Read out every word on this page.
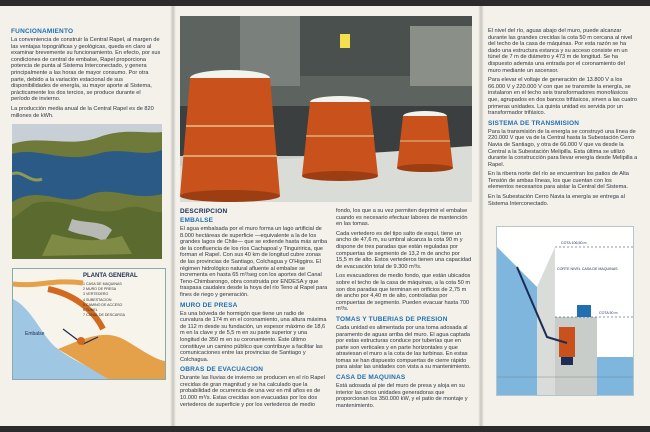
FUNCIONAMIENTO
La conveniencia de construir la Central Rapel, al margen de las ventajas topográficas y geológicas, queda en claro al examinar brevemente su funcionamiento. En efecto, por sus condiciones de central de embalse, Rapel proporciona potencia de punta al Sistema Interconectado, y genera principalmente a las horas de mayor consumo. Por otra parte, debido a la variación estacional de sus disponibilidades de energía, su mayor aporte al Sistema, prácticamente los dos tercios, se produce durante el período de invierno.
La producción media anual de la Central Rapel es de 820 millones de kWh.
PLANTA GENERAL
1 CASA DE MAQUINAS
2 MURO DE PRESA
3 VERTEDERO
4 SUBESTACION
5 CAMINO DE ACCESO
6 TUNEL
7 CANAL DE DESCARGA
Embalse
DESCRIPCION
EMBALSE
El agua embalsada por el muro forma un lago artificial de 8.000 hectáreas de superficie —equivalente a la de los grandes lagos de Chile— que se extiende hasta más arriba de la confluencia de los ríos Cachapoal y Tinguiririca, que forman el Rapel. Con sus 40 km de longitud cubre zonas de las provincias de Santiago, Colchagua y O'Higgins. El régimen hidrológico natural afluente al embalse se incrementa en hasta 65 m³/seg con los aportes del Canal Teno-Chimbarongo, obra construida por ENDESA y que traspasa caudales desde la hoya del río Teno al Rapel para fines de riego y generación.
MURO DE PRESA
Es una bóveda de hormigón que tiene un radio de curvatura de 174 m en el coronamiento, una altura máxima de 112 m desde su fundación, un espesor máximo de 18,6 m en la clave y de 5,5 m en su parte superior y una longitud de 350 m en su coronamiento. Éste último constituye un camino público que contribuye a facilitar las comunicaciones entre las provincias de Santiago y Colchagua.
OBRAS DE EVACUACION
Durante las lluvias de invierno se producen en el río Rapel crecidas de gran magnitud y se ha calculado que la probabilidad de ocurrencia de una vez en mil años es de 10.000 m³/s. Estas crecidas son evacuadas por los dos vertederos de superficie y por los vertederos de medio
fondo, los que a su vez permiten deprimir el embalse cuando es necesario efectuar labores de mantención en las tomas.
Cada vertedero es del tipo salto de esquí, tiene un ancho de 47,6 m, su umbral alcanza la cota 90 m y dispone de tres paradas que están reguladas por compuertas de segmento de 13,2 m de ancho por 15,5 m de alto. Estos vertederos tienen una capacidad de evacuación total de 9.300 m³/s.
Los evacuadores de medio fondo, que están ubicados sobre el techo de la casa de máquinas, a la cota 50 m son dos paradas que terminan en orificios de 2,75 m de ancho por 4,40 m de alto, controladas por compuertas de segmento. Pueden evacuar hasta 700 m³/s.
TOMAS Y TUBERIAS DE PRESION
Cada unidad es alimentada por una toma adosada al paramento de aguas arriba del muro. El agua captada por estas estructuras conduce por tuberías que en parte son verticales y en parte horizontales y que atraviesan el muro a la cota de las turbinas. En estas tomas se han dispuesto compuertas de cierre rápido para aislar las unidades con vista a su mantenimiento.
CASA DE MAQUINAS
Está adosada al pie del muro de presa y aloja en su interior las cinco unidades generadoras que proporcionan los 350.000 kW, y el patio de montaje y mantenimiento.
El nivel del río, aguas abajo del muro, puede alcanzar durante las grandes crecidas la cota 50 m cercana al nivel del techo de la casa de máquinas. Por esta razón se ha dado una estructura estanca y su acceso consiste en un túnel de 7 m de diámetro y 473 m de longitud. Se ha dispuesto además una entrada por el coronamiento del muro mediante un ascensor.
Para elevar el voltaje de generación de 13.800 V a los 66.000 V y 220.000 V con que se transmite la energía, se instalaron en el techo seis transformadores monofásicos que, agrupados en dos bancos trifásicos, sirven a las cuatro primeras unidades. La quinta unidad es servida por un transformador trifásico.
SISTEMA DE TRANSMISION
Para la transmisión de la energía se construyó una línea de 220.000 V que va de la Central hasta la Subestación Cerro Navia de Santiago, y otra de 66.000 V que va desde la Central a la Subestación Melipilla. Esta última se utilizó durante la construcción para llevar energía desde Melipilla a Rapel.
En la ribera norte del río se encuentran los patios de Alta Tensión de ambas líneas, los que cuentan con los elementos necesarios para aislar la Central del Sistema.
En la Subestación Cerro Navia la energía se entrega al Sistema Interconectado.
COTA 106,50 m
CORTE NIVEL CASA DE MAQUINAS
COTA 50 m
